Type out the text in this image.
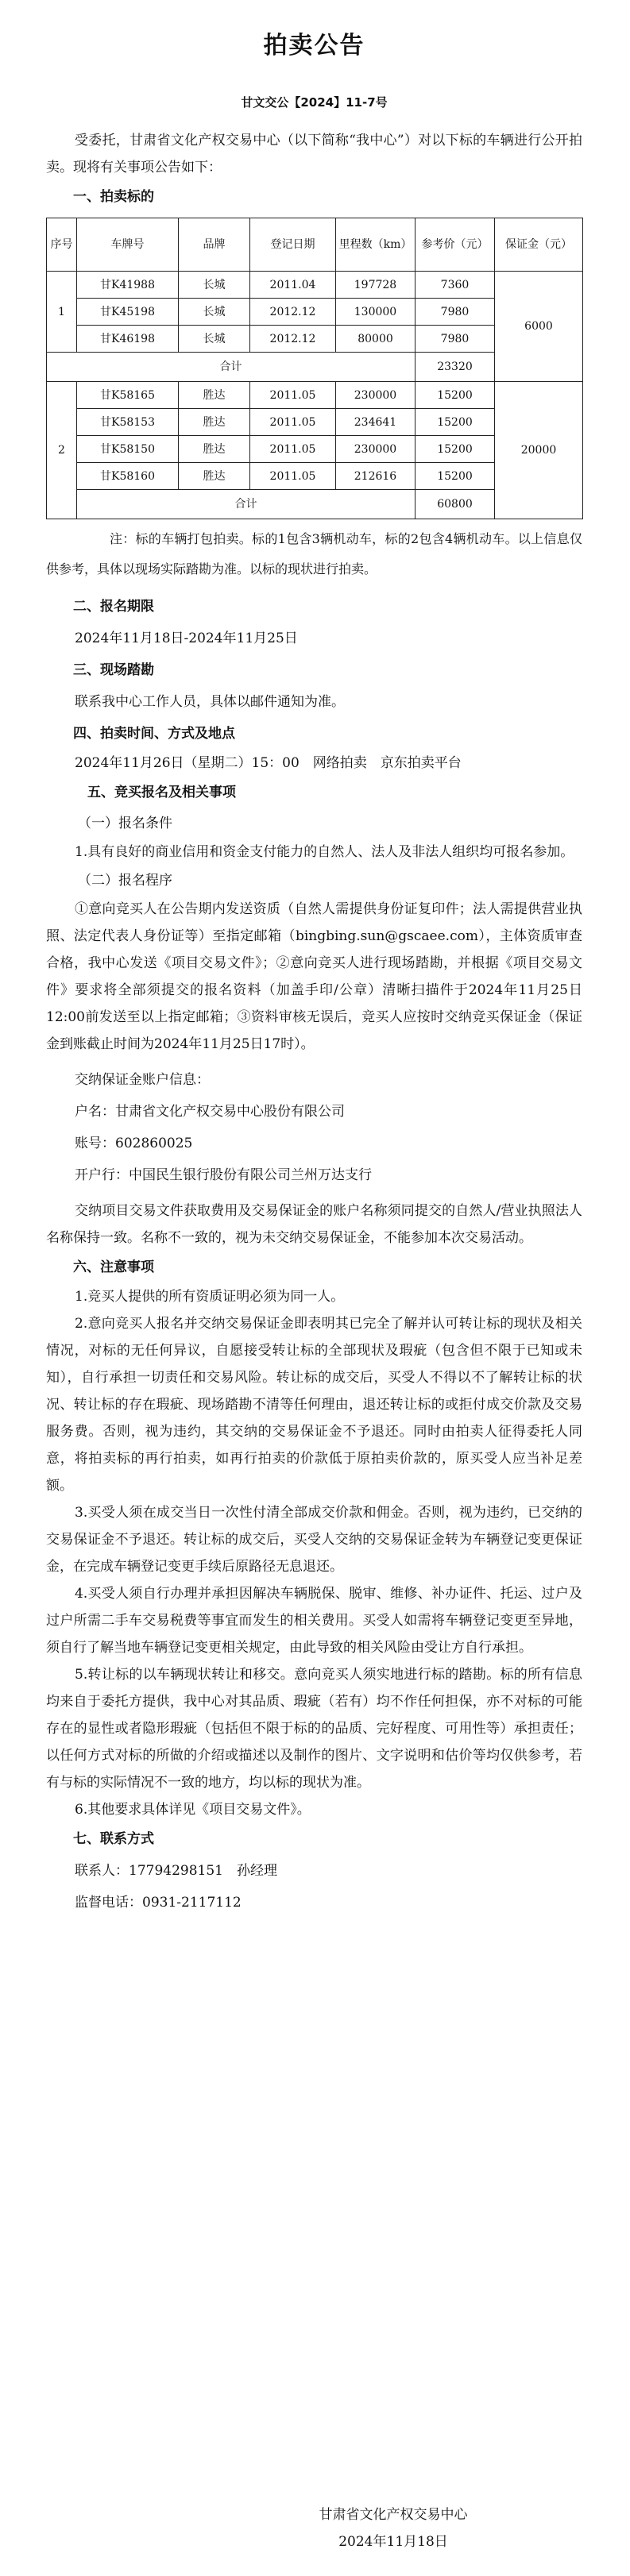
拍卖公告
甘文交公【2024】11-7号

受委托，甘肃省文化产权交易中心（以下简称“我中心”）对以下标的车辆进行公开拍卖。现将有关事项公告如下：

一、拍卖标的
序号	车牌号	品牌	登记日期	里程数（km）	参考价（元）	保证金（元）
1	甘K41988	长城	2011.04	197728	7360	6000
	甘K45198	长城	2012.12	130000	7980	
	甘K46198	长城	2012.12	80000	7980	
合计					23320	
2	甘K58165	胜达	2011.05	230000	15200	20000
	甘K58153	胜达	2011.05	234641	15200	
	甘K58150	胜达	2011.05	230000	15200	
	甘K58160	胜达	2011.05	212616	15200	
	合计				60800	

注：标的车辆打包拍卖。标的1包含3辆机动车，标的2包含4辆机动车。以上信息仅供参考，具体以现场实际踏勘为准。以标的现状进行拍卖。

二、报名期限
2024年11月18日-2024年11月25日
三、现场踏勘
联系我中心工作人员，具体以邮件通知为准。
四、拍卖时间、方式及地点

2024年11月26日（星期二）15：00　网络拍卖　京东拍卖平台

五、竞买报名及相关事项
（一）报名条件

1.具有良好的商业信用和资金支付能力的自然人、法人及非法人组织均可报名参加。

（二）报名程序

①意向竞买人在公告期内发送资质（自然人需提供身份证复印件；法人需提供营业执照、法定代表人身份证等）至指定邮箱（bingbing.sun@gscaee.com），主体资质审查合格，我中心发送《项目交易文件》；②意向竞买人进行现场踏勘，并根据《项目交易文件》要求将全部须提交的报名资料（加盖手印/公章）清晰扫描件于2024年11月25日12:00前发送至以上指定邮箱；③资料审核无误后，竞买人应按时交纳竞买保证金（保证金到账截止时间为2024年11月25日17时）。

交纳保证金账户信息：
户名：甘肃省文化产权交易中心股份有限公司
账号：602860025
开户行：中国民生银行股份有限公司兰州万达支行

交纳项目交易文件获取费用及交易保证金的账户名称须同提交的自然人/营业执照法人名称保持一致。名称不一致的，视为未交纳交易保证金，不能参加本次交易活动。

六、注意事项

1.竞买人提供的所有资质证明必须为同一人。

2.意向竞买人报名并交纳交易保证金即表明其已完全了解并认可转让标的现状及相关情况，对标的无任何异议，自愿接受转让标的全部现状及瑕疵（包含但不限于已知或未知），自行承担一切责任和交易风险。转让标的成交后，买受人不得以不了解转让标的状况、转让标的存在瑕疵、现场踏勘不清等任何理由，退还转让标的或拒付成交价款及交易服务费。否则，视为违约，其交纳的交易保证金不予退还。同时由拍卖人征得委托人同意，将拍卖标的再行拍卖，如再行拍卖的价款低于原拍卖价款的，原买受人应当补足差额。

3.买受人须在成交当日一次性付清全部成交价款和佣金。否则，视为违约，已交纳的交易保证金不予退还。转让标的成交后，买受人交纳的交易保证金转为车辆登记变更保证金，在完成车辆登记变更手续后原路径无息退还。

4.买受人须自行办理并承担因解决车辆脱保、脱审、维修、补办证件、托运、过户及过户所需二手车交易税费等事宜而发生的相关费用。买受人如需将车辆登记变更至异地，须自行了解当地车辆登记变更相关规定，由此导致的相关风险由受让方自行承担。

5.转让标的以车辆现状转让和移交。意向竞买人须实地进行标的踏勘。标的所有信息均来自于委托方提供，我中心对其品质、瑕疵（若有）均不作任何担保，亦不对标的可能存在的显性或者隐形瑕疵（包括但不限于标的的品质、完好程度、可用性等）承担责任；以任何方式对标的所做的介绍或描述以及制作的图片、文字说明和估价等均仅供参考，若有与标的实际情况不一致的地方，均以标的现状为准。

6.其他要求具体详见《项目交易文件》。

七、联系方式
联系人：17794298151　孙经理
监督电话：0931-2117112
甘肃省文化产权交易中心
2024年11月18日
